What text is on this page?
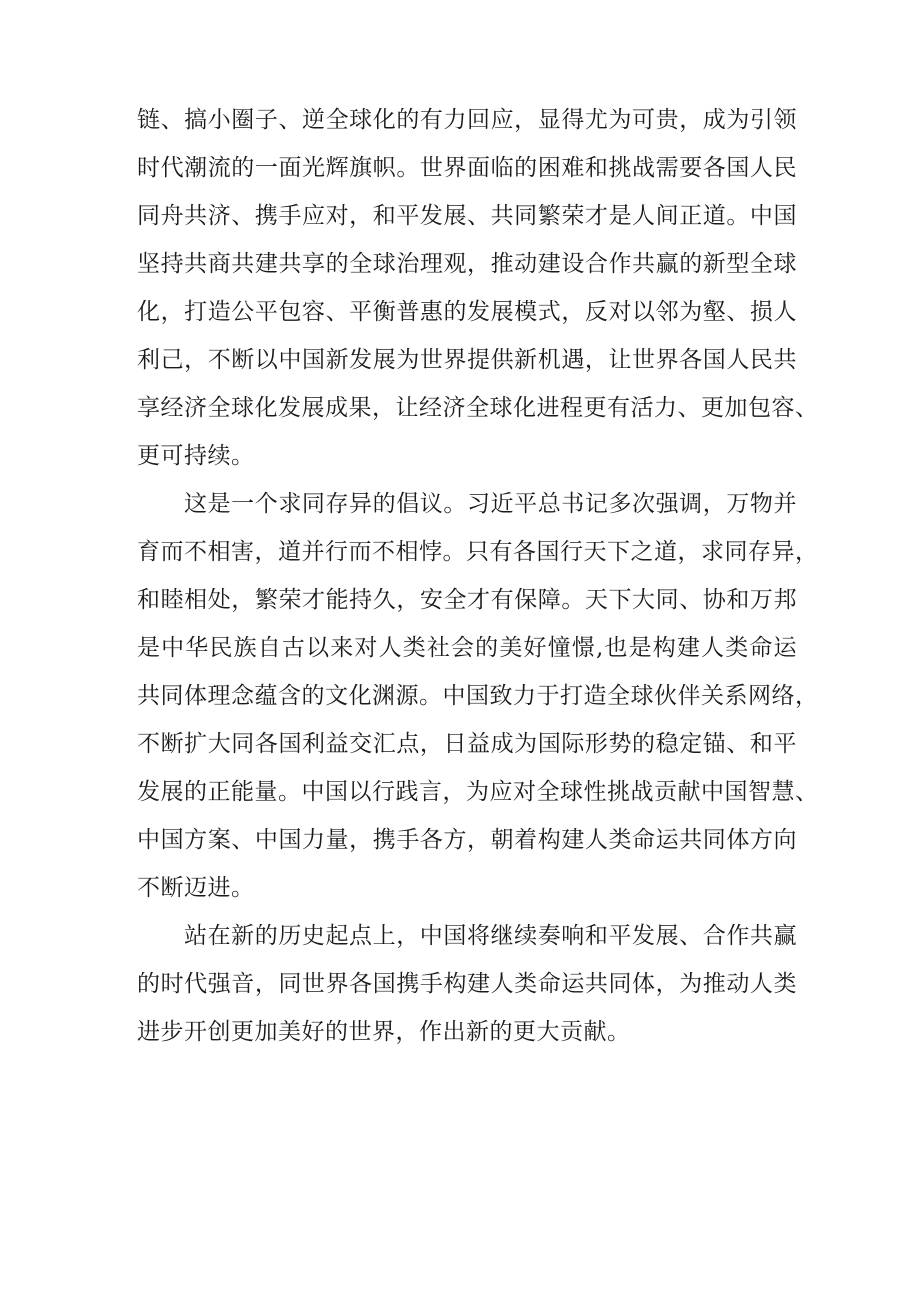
链、搞小圈子、逆全球化的有力回应，显得尤为可贵，成为引领
时代潮流的一面光辉旗帜。世界面临的困难和挑战需要各国人民
同舟共济、携手应对，和平发展、共同繁荣才是人间正道。中国
坚持共商共建共享的全球治理观，推动建设合作共赢的新型全球
化，打造公平包容、平衡普惠的发展模式，反对以邻为壑、损人
利己，不断以中国新发展为世界提供新机遇，让世界各国人民共
享经济全球化发展成果，让经济全球化进程更有活力、更加包容、
更可持续。
这是一个求同存异的倡议。习近平总书记多次强调，万物并
育而不相害，道并行而不相悖。只有各国行天下之道，求同存异，
和睦相处，繁荣才能持久，安全才有保障。天下大同、协和万邦
是中华民族自古以来对人类社会的美好憧憬,也是构建人类命运
共同体理念蕴含的文化渊源。中国致力于打造全球伙伴关系网络，
不断扩大同各国利益交汇点，日益成为国际形势的稳定锚、和平
发展的正能量。中国以行践言，为应对全球性挑战贡献中国智慧、
中国方案、中国力量，携手各方，朝着构建人类命运共同体方向
不断迈进。
站在新的历史起点上，中国将继续奏响和平发展、合作共赢
的时代强音，同世界各国携手构建人类命运共同体，为推动人类
进步开创更加美好的世界，作出新的更大贡献。
